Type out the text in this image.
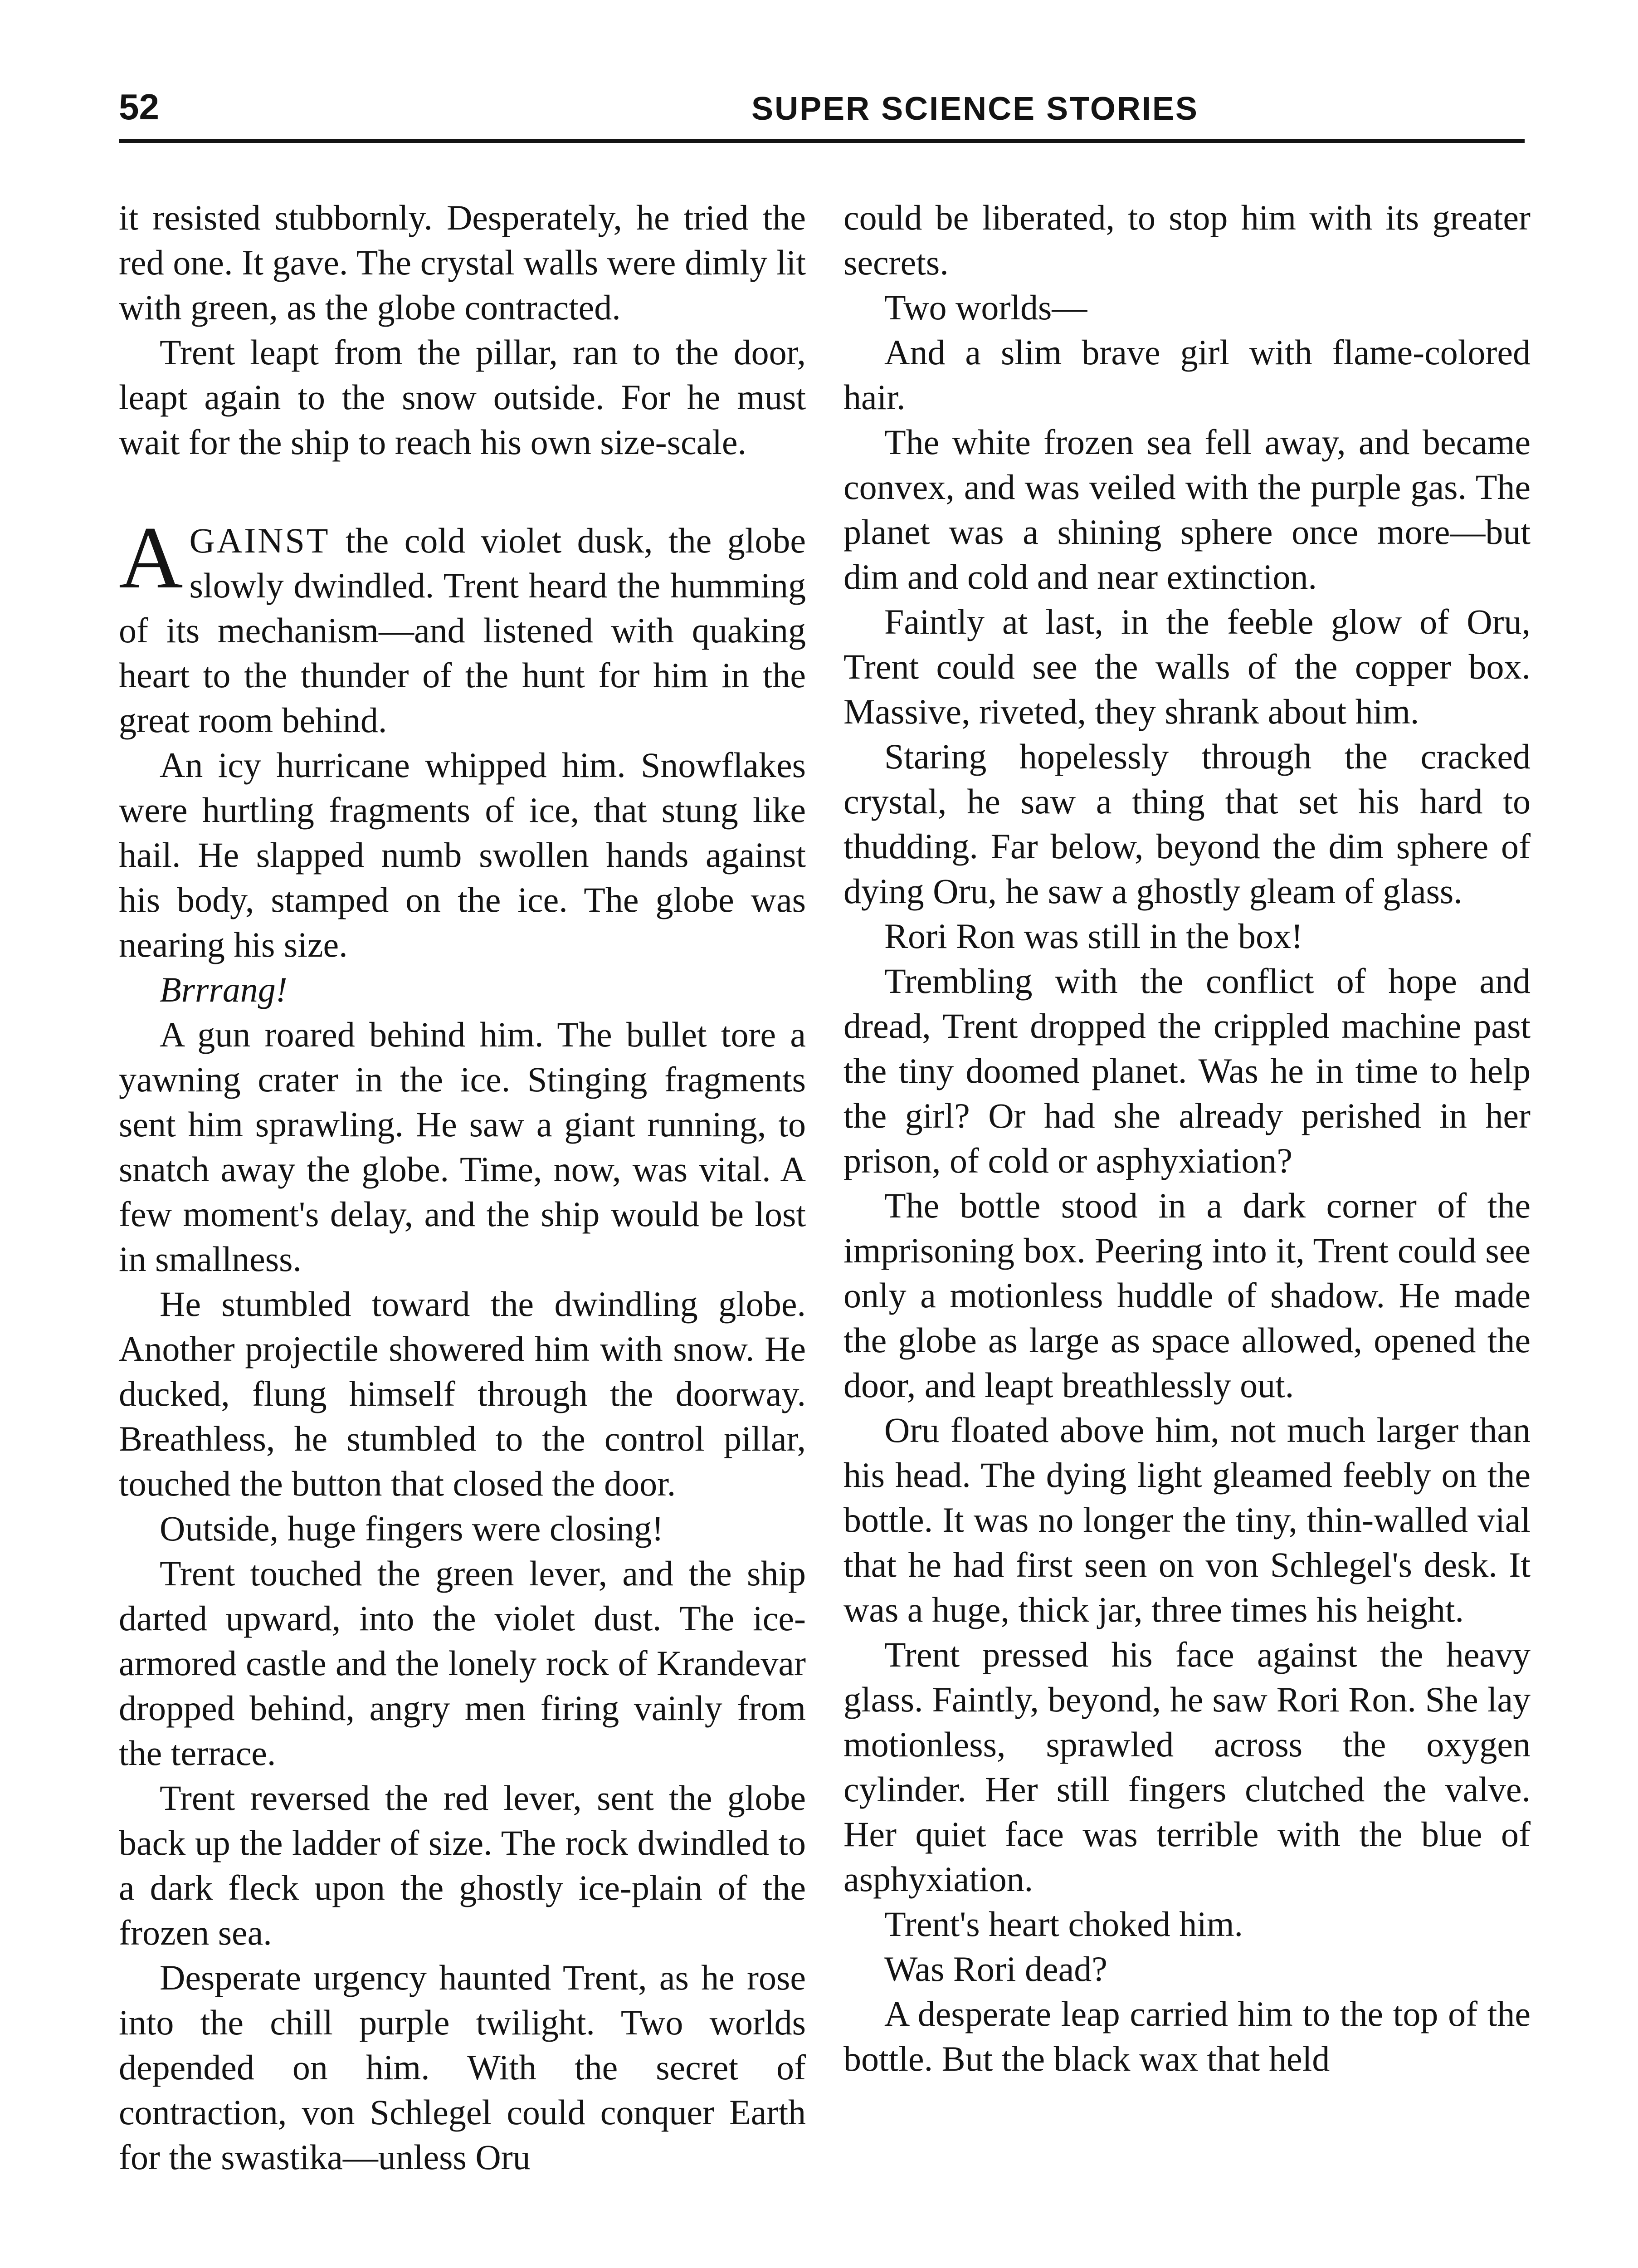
52	SUPER SCIENCE STORIES

it resisted stubbornly. Desperately, he tried the red one. It gave. The crystal walls were dimly lit with green, as the globe contracted.

Trent leapt from the pillar, ran to the door, leapt again to the snow outside. For he must wait for the ship to reach his own size-scale.

AGAINST the cold violet dusk, the globe slowly dwindled. Trent heard the humming of its mechanism—and listened with quaking heart to the thunder of the hunt for him in the great room behind.

An icy hurricane whipped him. Snowflakes were hurtling fragments of ice, that stung like hail. He slapped numb swollen hands against his body, stamped on the ice. The globe was nearing his size.

Brrrang!

A gun roared behind him. The bullet tore a yawning crater in the ice. Stinging fragments sent him sprawling. He saw a giant running, to snatch away the globe. Time, now, was vital. A few moment's delay, and the ship would be lost in smallness.

He stumbled toward the dwindling globe. Another projectile showered him with snow. He ducked, flung himself through the doorway. Breathless, he stumbled to the control pillar, touched the button that closed the door.

Outside, huge fingers were closing!

Trent touched the green lever, and the ship darted upward, into the violet dust. The ice-armored castle and the lonely rock of Krandevar dropped behind, angry men firing vainly from the terrace.

Trent reversed the red lever, sent the globe back up the ladder of size. The rock dwindled to a dark fleck upon the ghostly ice-plain of the frozen sea.

Desperate urgency haunted Trent, as he rose into the chill purple twilight. Two worlds depended on him. With the secret of contraction, von Schlegel could conquer Earth for the swastika—unless Oru

could be liberated, to stop him with its greater secrets.

Two worlds—

And a slim brave girl with flame-colored hair.

The white frozen sea fell away, and became convex, and was veiled with the purple gas. The planet was a shining sphere once more—but dim and cold and near extinction.

Faintly at last, in the feeble glow of Oru, Trent could see the walls of the copper box. Massive, riveted, they shrank about him.

Staring hopelessly through the cracked crystal, he saw a thing that set his hard to thudding. Far below, beyond the dim sphere of dying Oru, he saw a ghostly gleam of glass.

Rori Ron was still in the box!

Trembling with the conflict of hope and dread, Trent dropped the crippled machine past the tiny doomed planet. Was he in time to help the girl? Or had she already perished in her prison, of cold or asphyxiation?

The bottle stood in a dark corner of the imprisoning box. Peering into it, Trent could see only a motionless huddle of shadow. He made the globe as large as space allowed, opened the door, and leapt breathlessly out.

Oru floated above him, not much larger than his head. The dying light gleamed feebly on the bottle. It was no longer the tiny, thin-walled vial that he had first seen on von Schlegel's desk. It was a huge, thick jar, three times his height.

Trent pressed his face against the heavy glass. Faintly, beyond, he saw Rori Ron. She lay motionless, sprawled across the oxygen cylinder. Her still fingers clutched the valve. Her quiet face was terrible with the blue of asphyxiation.

Trent's heart choked him.

Was Rori dead?

A desperate leap carried him to the top of the bottle. But the black wax that held
